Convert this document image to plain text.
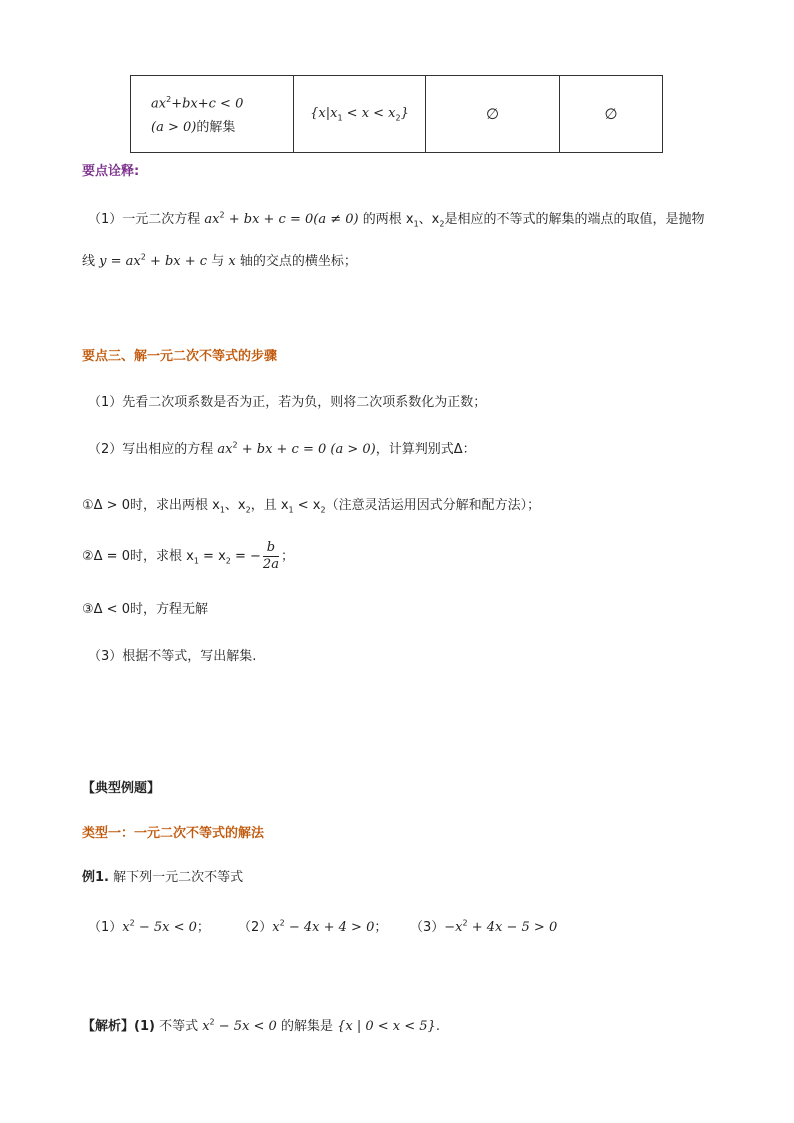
$ax^2+bx+c < 0$
(a > 0)的解集
	$\{x|x_1 < x < x_2\}$	∅	∅
要点诠释:
（1）一元二次方程 $ax^2$ + bx + c = 0(a ≠ 0) 的两根 $x_1$、$x_2$是相应的不等式的解集的端点的取值，是抛物
线 $y = ax^2$ + bx + c 与 x 轴的交点的横坐标；
要点三、解一元二次不等式的步骤
（1）先看二次项系数是否为正，若为负，则将二次项系数化为正数；
（2）写出相应的方程 $ax^2$ + bx + c = 0 (a > 0)，计算判别式Δ：
①Δ > 0时，求出两根 $x_1$、$x_2$，且 $x_1 < x_2$（注意灵活运用因式分解和配方法）；
②Δ = 0时，求根 $x_1 = x_2$ = − $\frac{b}{2a}$ ；
③Δ < 0时，方程无解
（3）根据不等式，写出解集.
【典型例题】
类型一：一元二次不等式的解法
例1. 解下列一元二次不等式
$(1)x^2 - 5x < 0$； $(2)x^2 - 4x + 4 > 0$； $(3)-x^2 + 4x - 5 > 0$
【解析】(1) 不等式 $x^2 - 5x < 0$ 的解集是 {x | 0 < x < 5}.
